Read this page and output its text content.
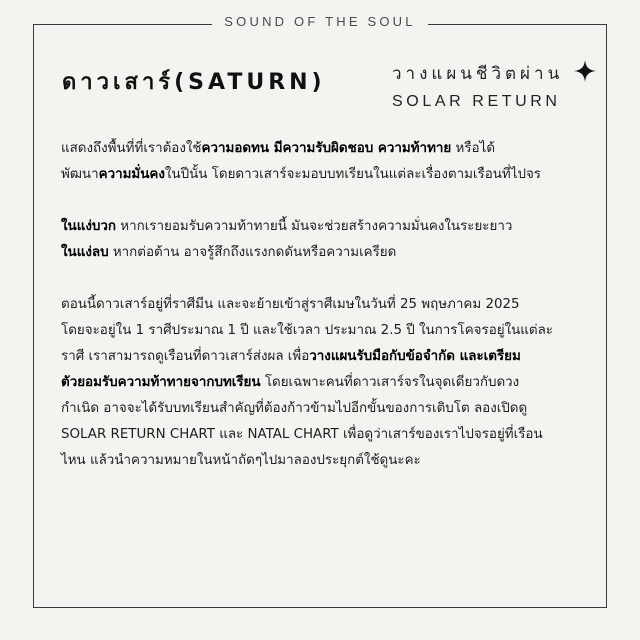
SOUND OF THE SOUL
ดาวเสาร์(SATURN)	วางแผนชีวิตผ่าน
SOLAR RETURN

แสดงถึงพื้นที่ที่เราต้องใช้ความอดทน มีความรับผิดชอบ ความท้าทาย หรือได้

พัฒนาความมั่นคงในปีนั้น โดยดาวเสาร์จะมอบบทเรียนในแต่ละเรื่องตามเรือนที่ไปจร

ในแง่บวก หากเรายอมรับความท้าทายนี้ มันจะช่วยสร้างความมั่นคงในระยะยาว

ในแง่ลบ หากต่อต้าน อาจรู้สึกถึงแรงกดดันหรือความเครียด

ตอนนี้ดาวเสาร์อยู่ที่ราศีมีน และจะย้ายเข้าสู่ราศีเมษในวันที่ 25 พฤษภาคม 2025

โดยจะอยู่ใน 1 ราศีประมาณ 1 ปี และใช้เวลา ประมาณ 2.5 ปี ในการโคจรอยู่ในแต่ละ

ราศี เราสามารถดูเรือนที่ดาวเสาร์ส่งผล เพื่อวางแผนรับมือกับข้อจำกัด และเตรียม

ตัวยอมรับความท้าทายจากบทเรียน โดยเฉพาะคนที่ดาวเสาร์จรในจุดเดียวกับดวง

กำเนิด อาจจะได้รับบทเรียนสำคัญที่ต้องก้าวข้ามไปอีกขั้นของการเติบโต ลองเปิดดู

SOLAR RETURN CHART และ NATAL CHART เพื่อดูว่าเสาร์ของเราไปจรอยู่ที่เรือน

ไหน แล้วนำความหมายในหน้าถัดๆไปมาลองประยุกต์ใช้ดูนะคะ
